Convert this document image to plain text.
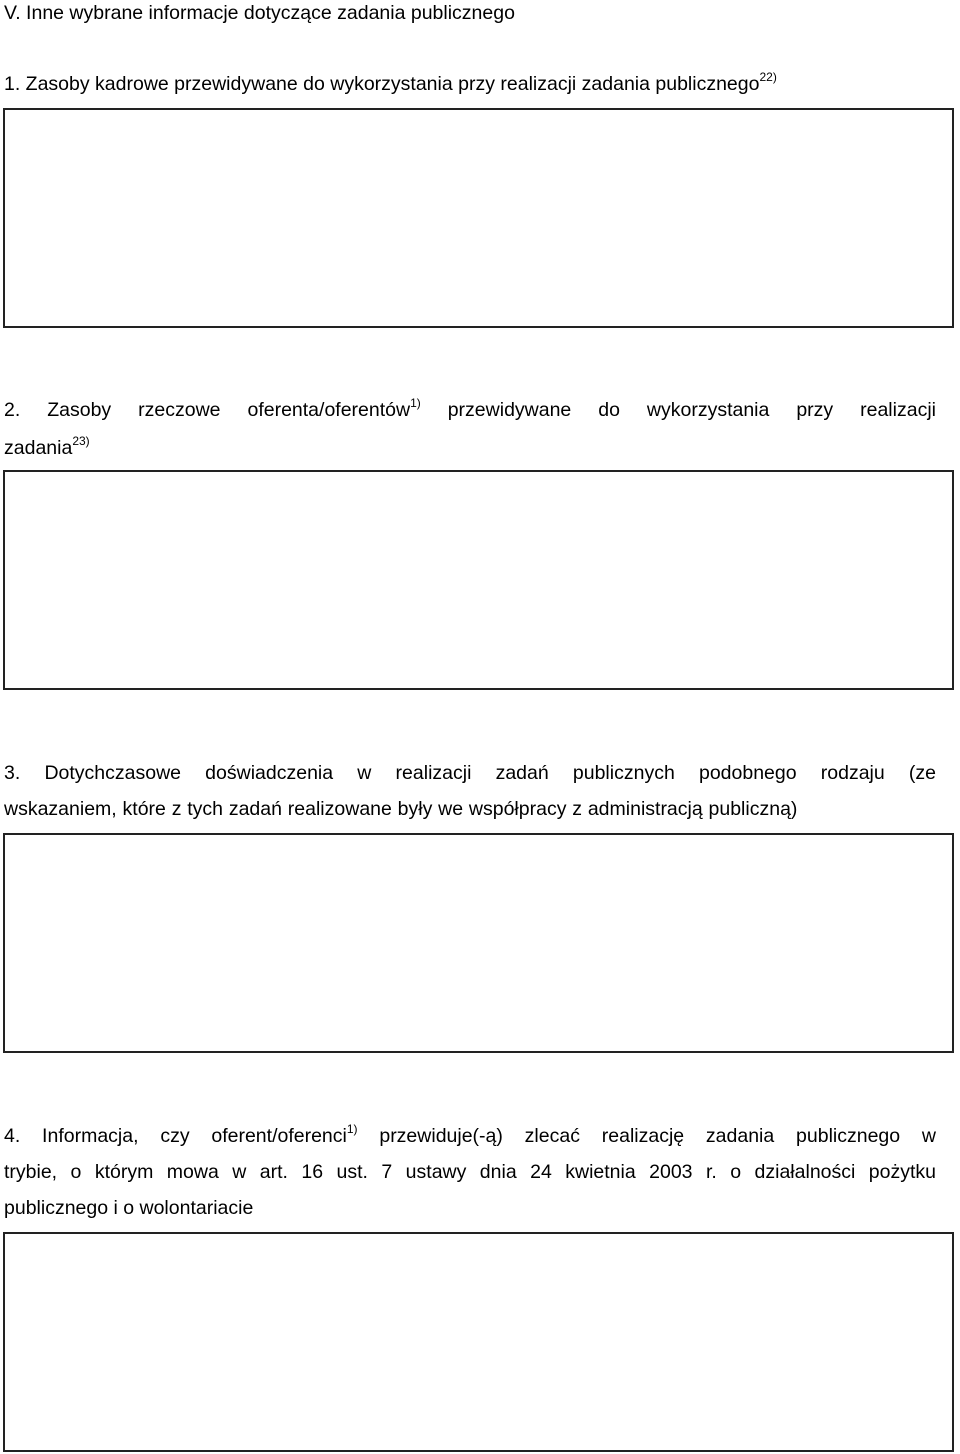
V. Inne wybrane informacje dotyczące zadania publicznego

1. Zasoby kadrowe przewidywane do wykorzystania przy realizacji zadania publicznego$^{22)}$

2. Zasoby rzeczowe oferenta/oferentów$^{1)}$ przewidywane do wykorzystania przy realizacji

zadania$^{23)}$

3. Dotychczasowe doświadczenia w realizacji zadań publicznych podobnego rodzaju (ze

wskazaniem, które z tych zadań realizowane były we współpracy z administracją publiczną)

4. Informacja, czy oferent/oferenci$^{1)}$ przewiduje(-ą) zlecać realizację zadania publicznego w

trybie, o którym mowa w art. 16 ust. 7 ustawy dnia 24 kwietnia 2003 r. o działalności pożytku

publicznego i o wolontariacie
